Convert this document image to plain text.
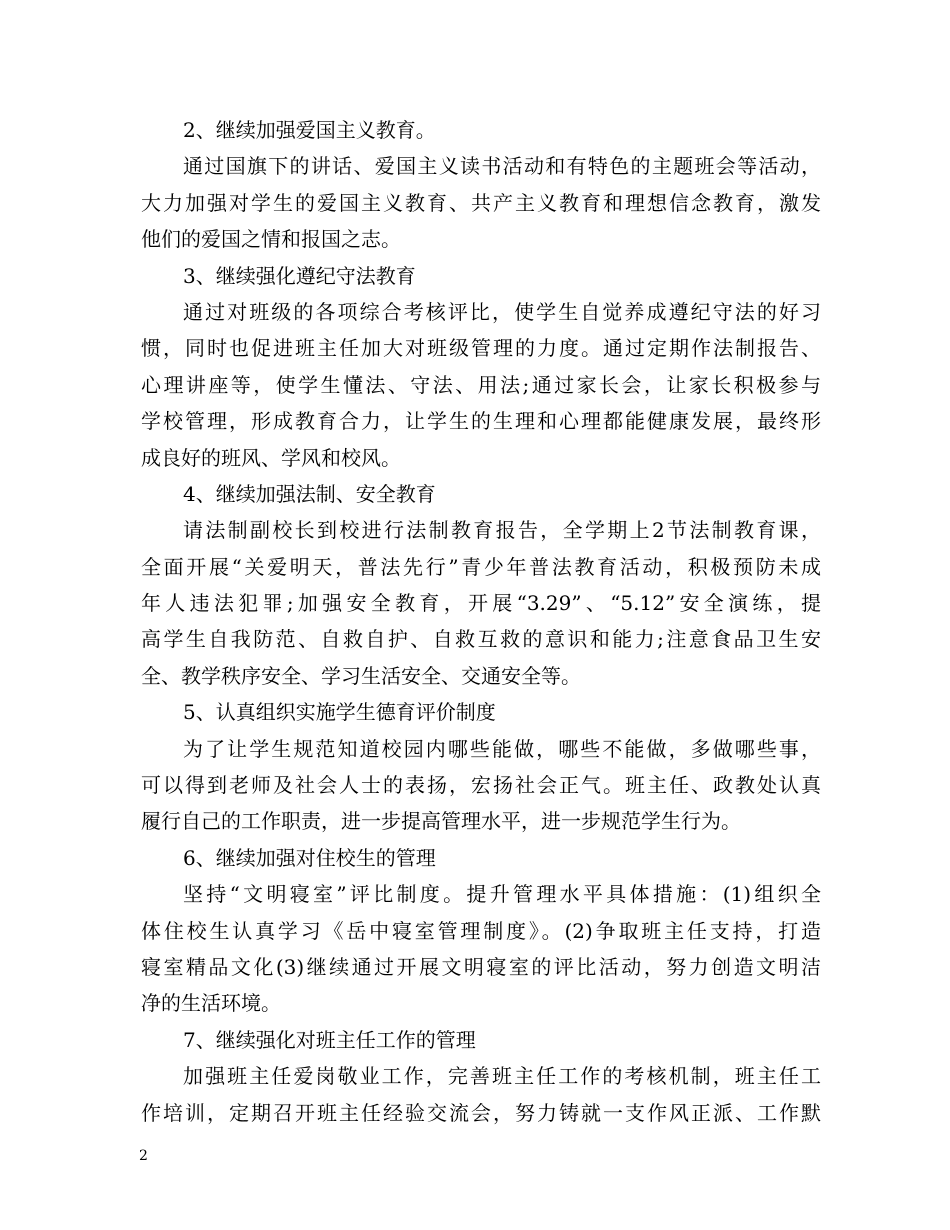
2、继续加强爱国主义教育。
通过国旗下的讲话、爱国主义读书活动和有特色的主题班会等活动，
大力加强对学生的爱国主义教育、共产主义教育和理想信念教育，激发
他们的爱国之情和报国之志。
3、继续强化遵纪守法教育
通过对班级的各项综合考核评比，使学生自觉养成遵纪守法的好习
惯，同时也促进班主任加大对班级管理的力度。通过定期作法制报告、
心理讲座等，使学生懂法、守法、用法;通过家长会，让家长积极参与
学校管理，形成教育合力，让学生的生理和心理都能健康发展，最终形
成良好的班风、学风和校风。
4、继续加强法制、安全教育
请法制副校长到校进行法制教育报告，全学期上2节法制教育课，
全面开展“关爱明天，普法先行”青少年普法教育活动，积极预防未成
年人违法犯罪;加强安全教育，开展“3.29”、“5.12”安全演练，提
高学生自我防范、自救自护、自救互救的意识和能力;注意食品卫生安
全、教学秩序安全、学习生活安全、交通安全等。
5、认真组织实施学生德育评价制度
为了让学生规范知道校园内哪些能做，哪些不能做，多做哪些事，
可以得到老师及社会人士的表扬，宏扬社会正气。班主任、政教处认真
履行自己的工作职责，进一步提高管理水平，进一步规范学生行为。
6、继续加强对住校生的管理
坚持“文明寝室”评比制度。提升管理水平具体措施：(1)组织全
体住校生认真学习《岳中寝室管理制度》。(2)争取班主任支持，打造
寝室精品文化(3)继续通过开展文明寝室的评比活动，努力创造文明洁
净的生活环境。
7、继续强化对班主任工作的管理
加强班主任爱岗敬业工作，完善班主任工作的考核机制，班主任工
作培训，定期召开班主任经验交流会，努力铸就一支作风正派、工作默
2
